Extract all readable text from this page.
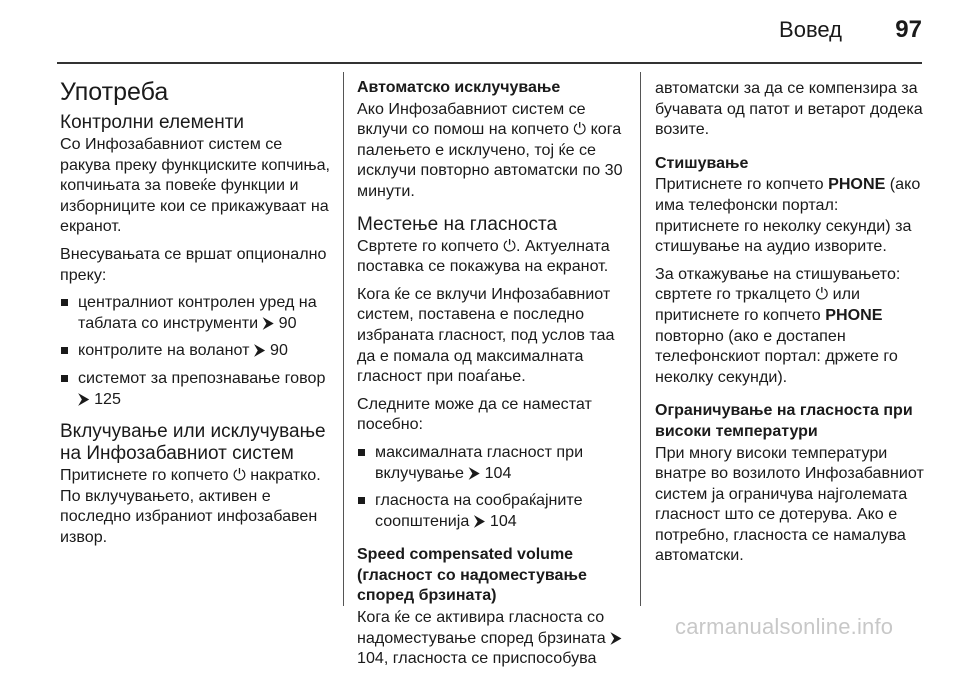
Вовед 97
Употреба
Контролни елементи

Со Инфозабавниот систем се ракува преку функциските копчиња, копчињата за повеќе функции и изборниците кои се прикажуваат на екранот.

Внесувањата се вршат опционално преку:

централниот контролен уред на таблата со инструменти ⮞ 90
контролите на воланот ⮞ 90
системот за препознавање говор ⮞ 125
Вклучување или исклучување на Инфозабавниот систем

Притиснете го копчето ⏻ накратко. По вклучувањето, активен е последно избраниот инфозабавен извор.

Автоматско исклучување

Ако Инфозабавниот систем се вклучи со помош на копчето ⏻ кога палењето е исклучено, тој ќе се исклучи повторно автоматски по 30 минути.

Местење на гласноста

Свртете го копчето ⏻. Актуелната поставка се покажува на екранот.

Кога ќе се вклучи Инфозабавниот систем, поставена е последно избраната гласност, под услов таа да е помала од максималната гласност при поаѓање.

Следните може да се наместат посебно:

максималната гласност при вклучување ⮞ 104
гласноста на сообраќајните соопштенија ⮞ 104
Speed compensated volume (гласност со надоместување според брзината)

Кога ќе се активира гласноста со надоместување според брзината ⮞ 104, гласноста се приспособува

автоматски за да се компензира за бучавата од патот и ветарот додека возите.

Стишување

Притиснете го копчето PHONE (ако има телефонски портал: притиснете го неколку секунди) за стишување на аудио изворите.

За откажување на стишувањето: свртете го тркалцето ⏻ или притиснете го копчето PHONE повторно (ако е достапен телефонскиот портал: држете го неколку секунди).

Ограничување на гласноста при високи температури

При многу високи температури внатре во возилото Инфозабавниот систем ја ограничува најголемата гласност што се дотерува. Ако е потребно, гласноста се намалува автоматски.

carmanualsonline.info
